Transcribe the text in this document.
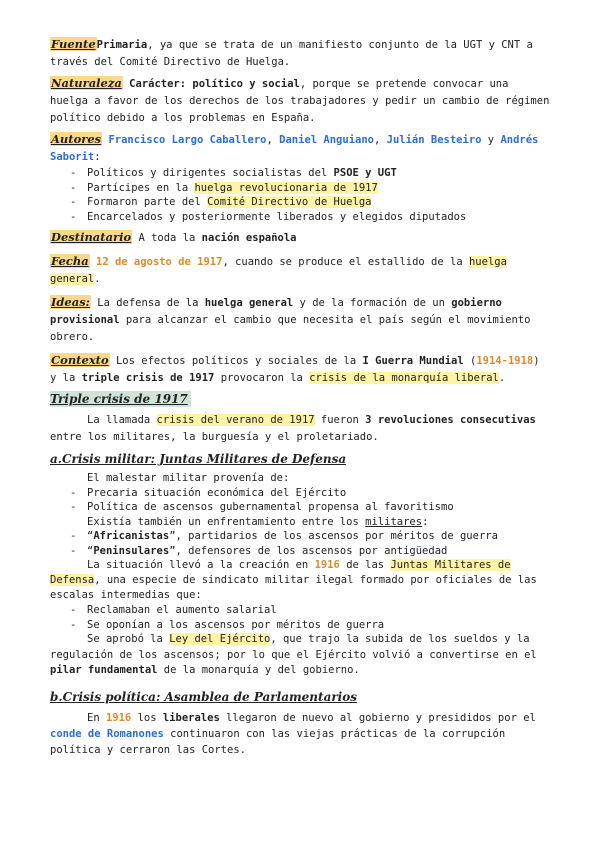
FuentePrimaria, ya que se trata de un manifiesto conjunto de la UGT y CNT a través del Comité Directivo de Huelga.

Naturaleza Carácter: político y social, porque se pretende convocar una huelga a favor de los derechos de los trabajadores y pedir un cambio de régimen político debido a los problemas en España.

Autores Francisco Largo Caballero, Daniel Anguiano, Julián Besteiro y Andrés Saborit:

- Políticos y dirigentes socialistas del PSOE y UGT
- Partícipes en la huelga revolucionaria de 1917
- Formaron parte del Comité Directivo de Huelga
- Encarcelados y posteriormente liberados y elegidos diputados

Destinatario A toda la nación española

Fecha 12 de agosto de 1917, cuando se produce el estallido de la huelga general.

Ideas: La defensa de la huelga general y de la formación de un gobierno provisional para alcanzar el cambio que necesita el país según el movimiento obrero.

Contexto Los efectos políticos y sociales de la I Guerra Mundial (1914-1918) y la triple crisis de 1917 provocaron la crisis de la monarquía liberal.

Triple crisis de 1917

La llamada crisis del verano de 1917 fueron 3 revoluciones consecutivas entre los militares, la burguesía y el proletariado.

a.Crisis militar: Juntas Militares de Defensa

El malestar militar provenía de:

- Precaria situación económica del Ejército
- Política de ascensos gubernamental propensa al favoritismo

Existía también un enfrentamiento entre los militares:

- “Africanistas”, partidarios de los ascensos por méritos de guerra
- “Peninsulares”, defensores de los ascensos por antigüedad

La situación llevó a la creación en 1916 de las Juntas Militares de Defensa, una especie de sindicato militar ilegal formado por oficiales de las escalas intermedias que:

- Reclamaban el aumento salarial
- Se oponían a los ascensos por méritos de guerra

Se aprobó la Ley del Ejército, que trajo la subida de los sueldos y la regulación de los ascensos; por lo que el Ejército volvió a convertirse en el pilar fundamental de la monarquía y del gobierno.

b.Crisis política: Asamblea de Parlamentarios

En 1916 los liberales llegaron de nuevo al gobierno y presididos por el conde de Romanones continuaron con las viejas prácticas de la corrupción política y cerraron las Cortes.
